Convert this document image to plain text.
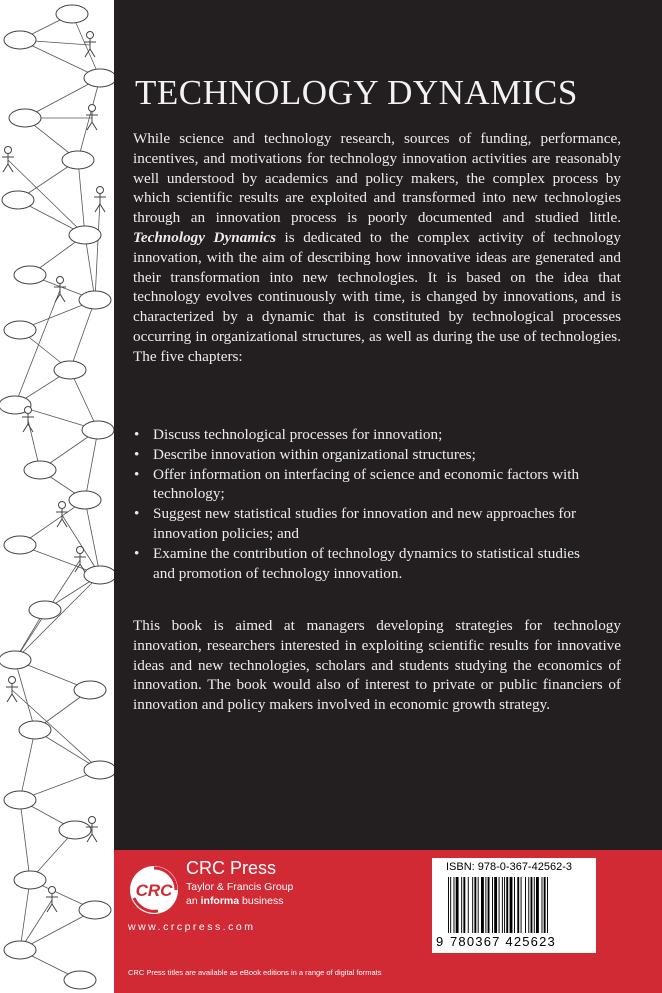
TECHNOLOGY DYNAMICS

While science and technology research, sources of funding, performance, incentives, and motivations for technology innovation activities are reasonably well understood by academics and policy makers, the complex process by which scientific results are exploited and transformed into new technologies through an innovation process is poorly documented and studied little. Technology Dynamics is dedicated to the complex activity of technology innovation, with the aim of describing how innovative ideas are generated and their transformation into new technologies. It is based on the idea that technology evolves continuously with time, is changed by innovations, and is characterized by a dynamic that is constituted by technological processes occurring in organizational structures, as well as during the use of technologies. The five chapters:

• Discuss technological processes for innovation;
• Describe innovation within organizational structures;
• Offer information on interfacing of science and economic factors with technology;
• Suggest new statistical studies for innovation and new approaches for innovation policies; and
• Examine the contribution of technology dynamics to statistical studies and promotion of technology innovation.
This book is aimed at managers developing strategies for technology innovation, researchers interested in exploiting scientific results for innovative ideas and new technologies, scholars and students studying the economics of innovation. The book would also of interest to private or public financiers of innovation and policy makers involved in economic growth strategy.
CRC
CRC Press
Taylor & Francis Group
an informa business
www.crcpress.com
CRC Press titles are available as eBook editions in a range of digital formats
ISBN: 978-0-367-42562-3
9 780367 425623
